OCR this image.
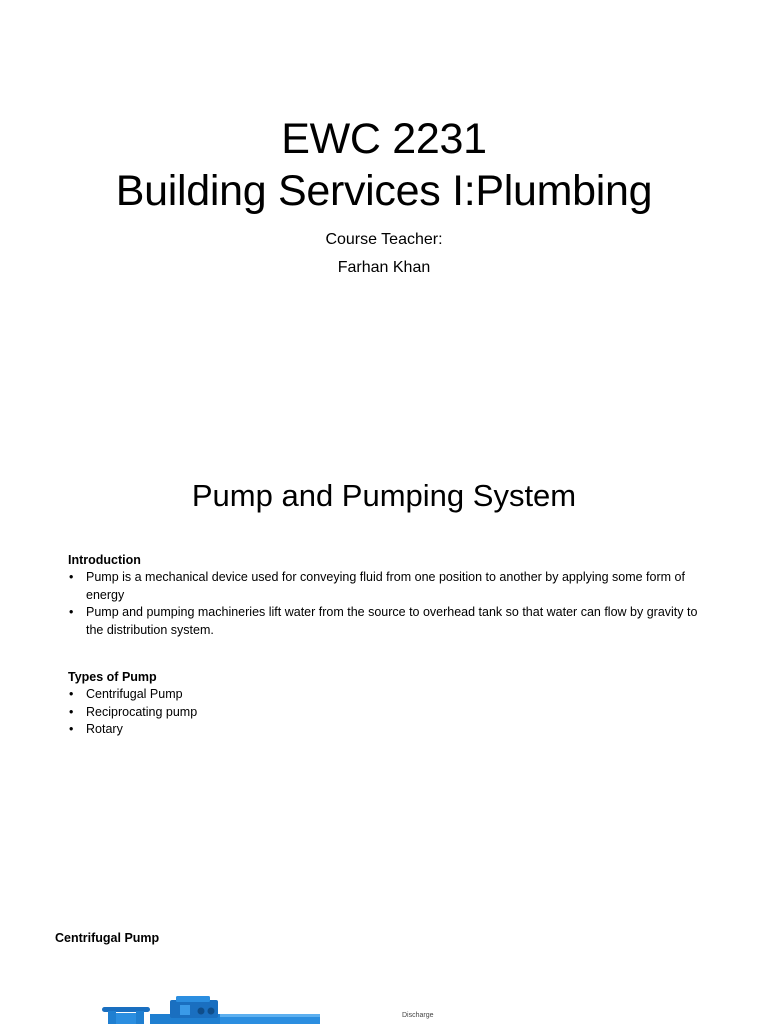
EWC 2231
Building Services I:Plumbing
Course Teacher:
Farhan Khan
Pump and Pumping System
Introduction
• Pump is a mechanical device used for conveying fluid from one position to another by applying some form of energy
• Pump and pumping machineries lift water from the source to overhead tank so that water can flow by gravity to the distribution system.
Types of Pump
• Centrifugal Pump
• Reciprocating pump
• Rotary
Centrifugal Pump
Discharge
